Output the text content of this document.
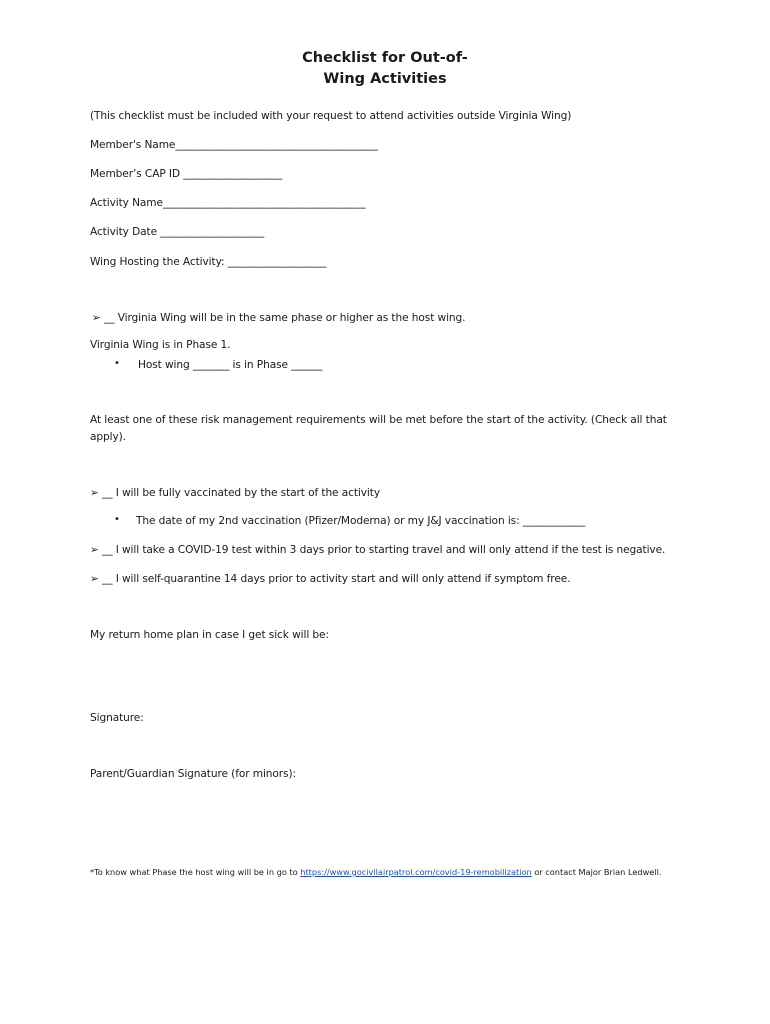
Checklist for Out-of-
Wing Activities
(This checklist must be included with your request to attend activities outside Virginia Wing)
Member's Name_______________________________________
Member’s CAP ID ___________________
Activity Name_______________________________________
Activity Date ____________________
Wing Hosting the Activity: ___________________
➢ __ Virginia Wing will be in the same phase or higher as the host wing.
Virginia Wing is in Phase 1.
• Host wing _______ is in Phase ______
At least one of these risk management requirements will be met before the start of the activity. (Check all that
apply).
➢ __ I will be fully vaccinated by the start of the activity
• The date of my 2nd vaccination (Pfizer/Moderna) or my J&J vaccination is: ____________
➢ __ I will take a COVID-19 test within 3 days prior to starting travel and will only attend if the test is negative.
➢ __ I will self-quarantine 14 days prior to activity start and will only attend if symptom free.
My return home plan in case I get sick will be:
Signature:
Parent/Guardian Signature (for minors):
*To know what Phase the host wing will be in go to https://www.gocivilairpatrol.com/covid-19-remobilization or contact Major Brian Ledwell.
